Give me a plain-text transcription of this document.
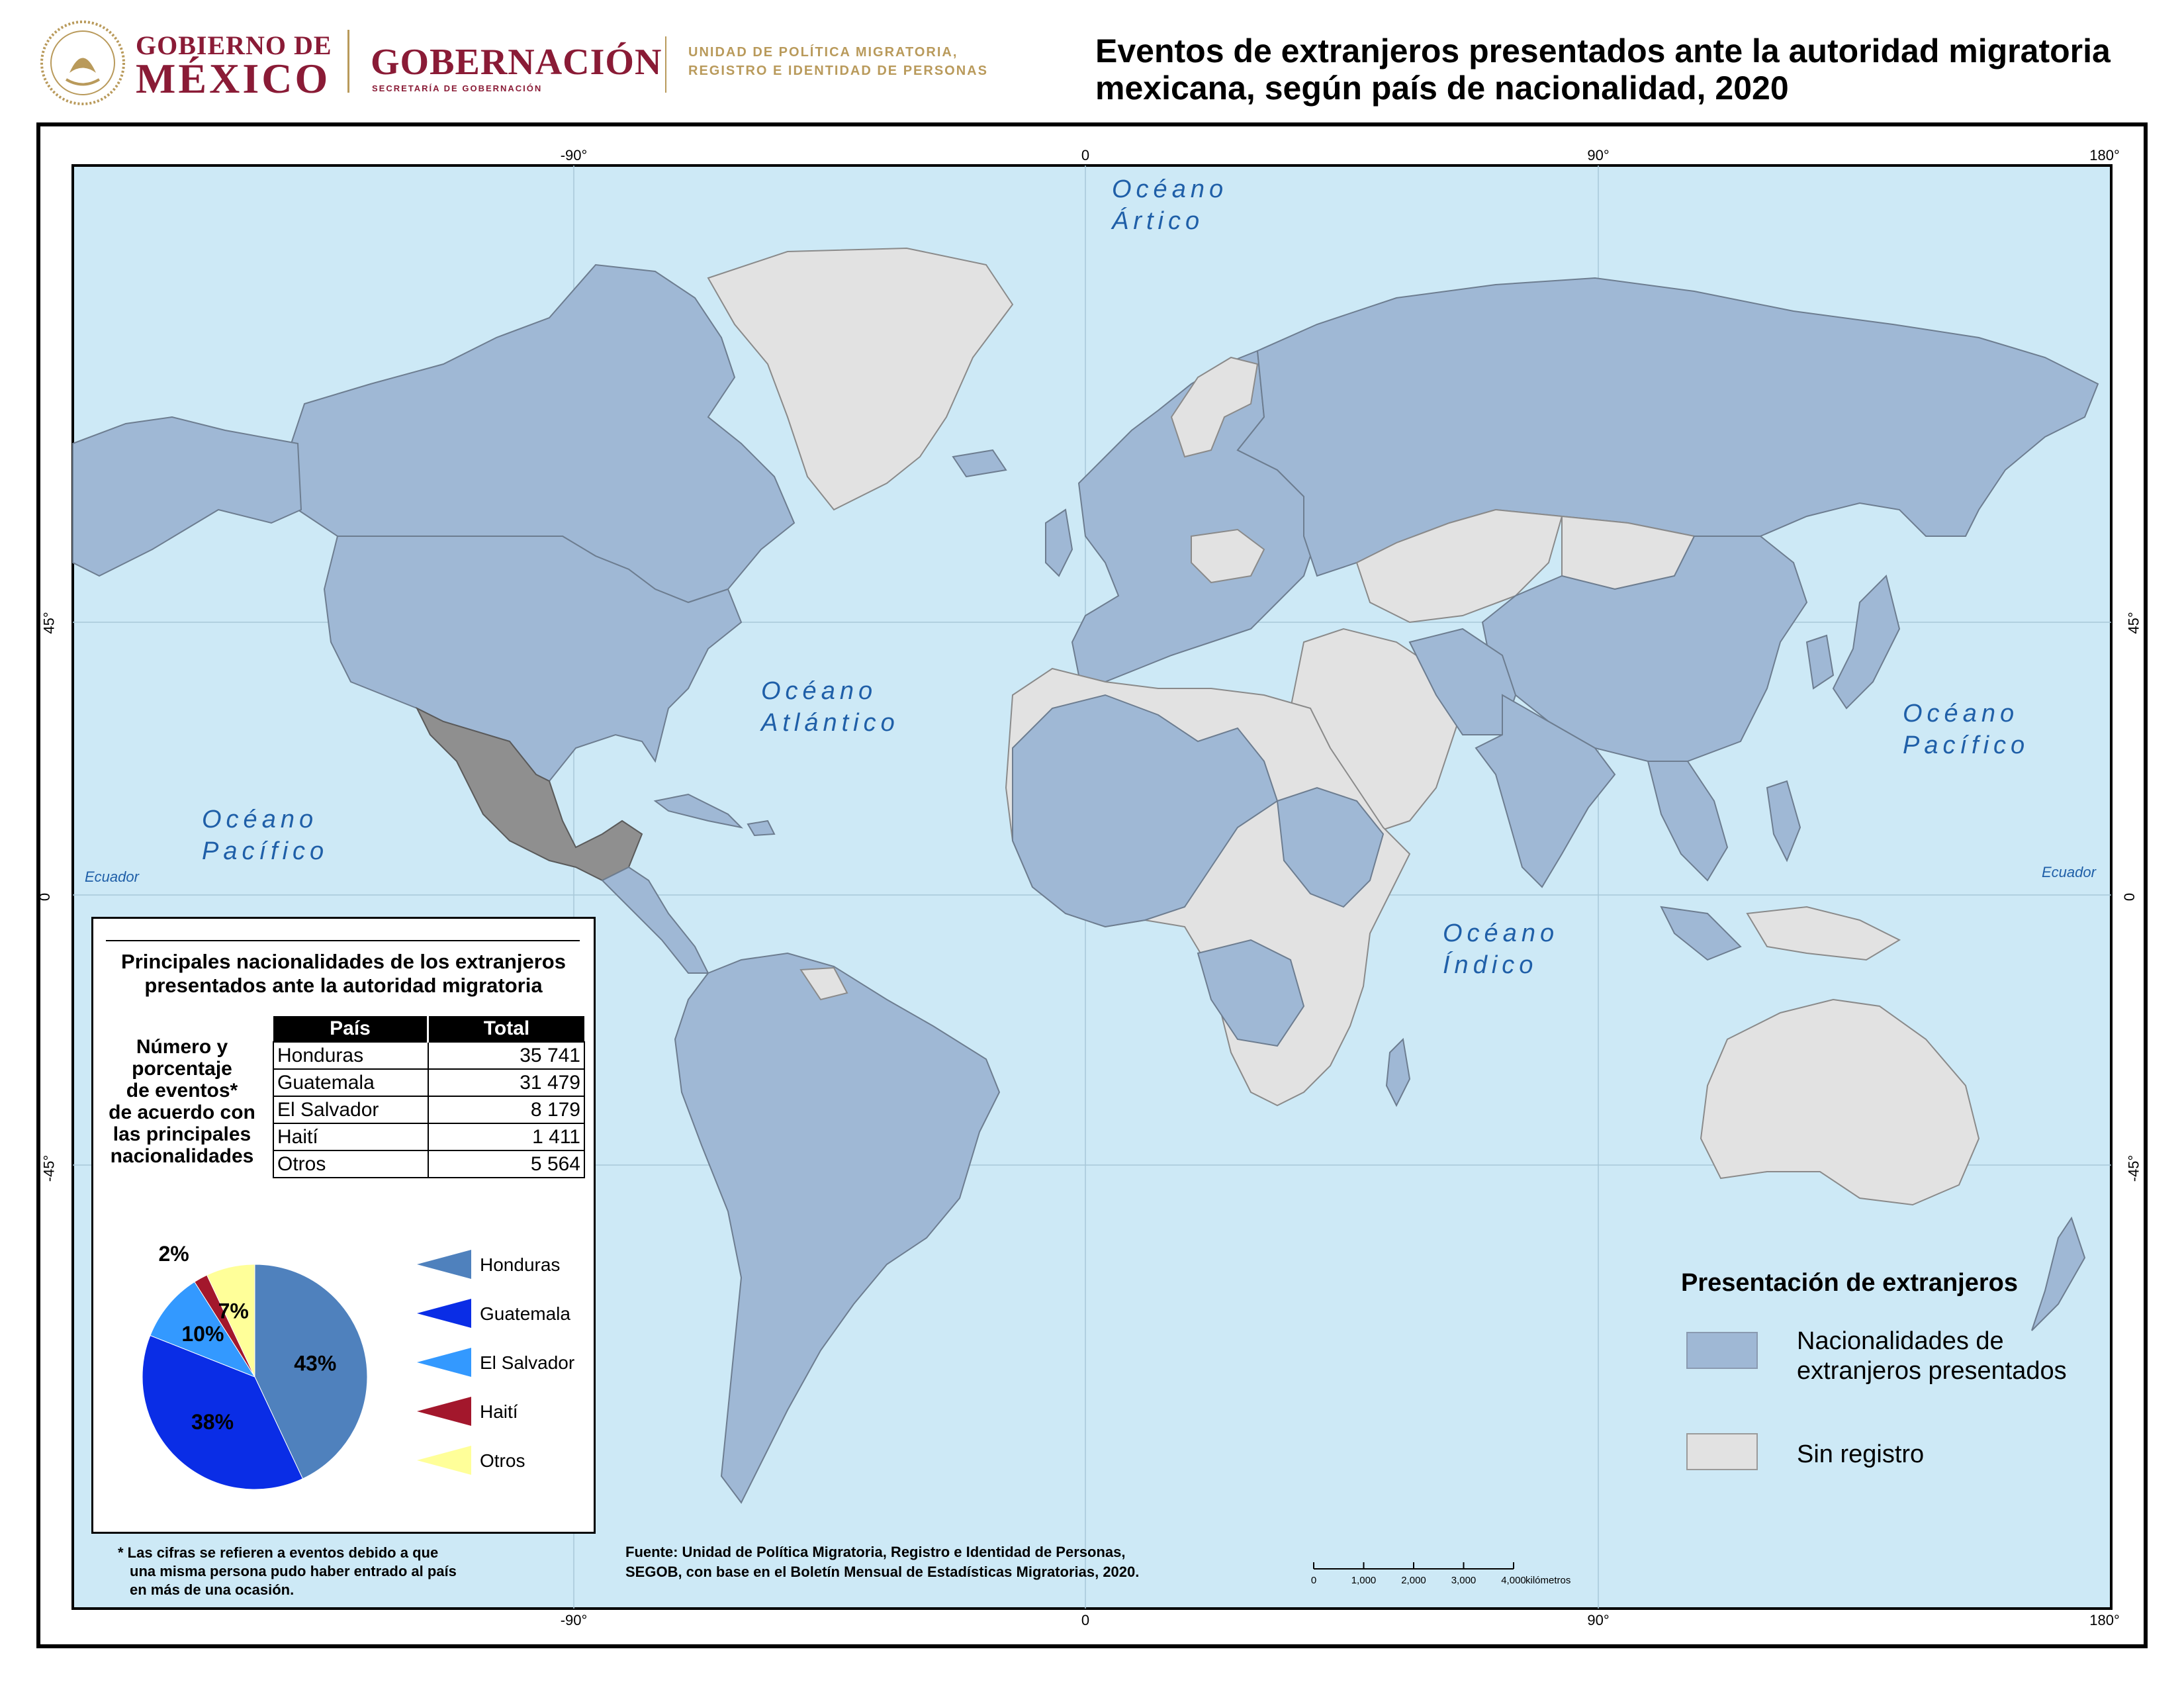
GOBIERNO DE
MÉXICO GOBERNACIÓN
SECRETARÍA DE GOBERNACIÓN
UNIDAD DE POLÍTICA MIGRATORIA,
REGISTRO E IDENTIDAD DE PERSONAS
Eventos de extranjeros presentados ante la autoridad migratoria
mexicana, según país de nacionalidad, 2020
-90°	0	90°	180°
-90°	0	90°	180°
Océano
Ártico
Océano
Atlántico
Océano
Pacífico
Océano
Pacífico
Océano
Índico
Ecuador	Ecuador
45°
0
-45°
45°
0
-45°
Principales nacionalidades de los extranjeros
presentados ante la autoridad migratoria
Número y
porcentaje
de eventos*
de acuerdo con
las principales
nacionalidades
País	Total
Honduras	35 741
Guatemala	31 479
El Salvador	8 179
Haití	1 411
Otros	5 564
43%
38%
10%
2%
7%
Honduras
Guatemala
El Salvador
Haití
Otros
* Las cifras se refieren a eventos debido a que
una misma persona pudo haber entrado al país
en más de una ocasión.
Fuente: Unidad de Política Migratoria, Registro e Identidad de Personas,
SEGOB, con base en el Boletín Mensual de Estadísticas Migratorias, 2020.
0	1,000	2,000	3,000	4,000 kilómetros
Presentación de extranjeros
Nacionalidades de
extranjeros presentados
Sin registro
